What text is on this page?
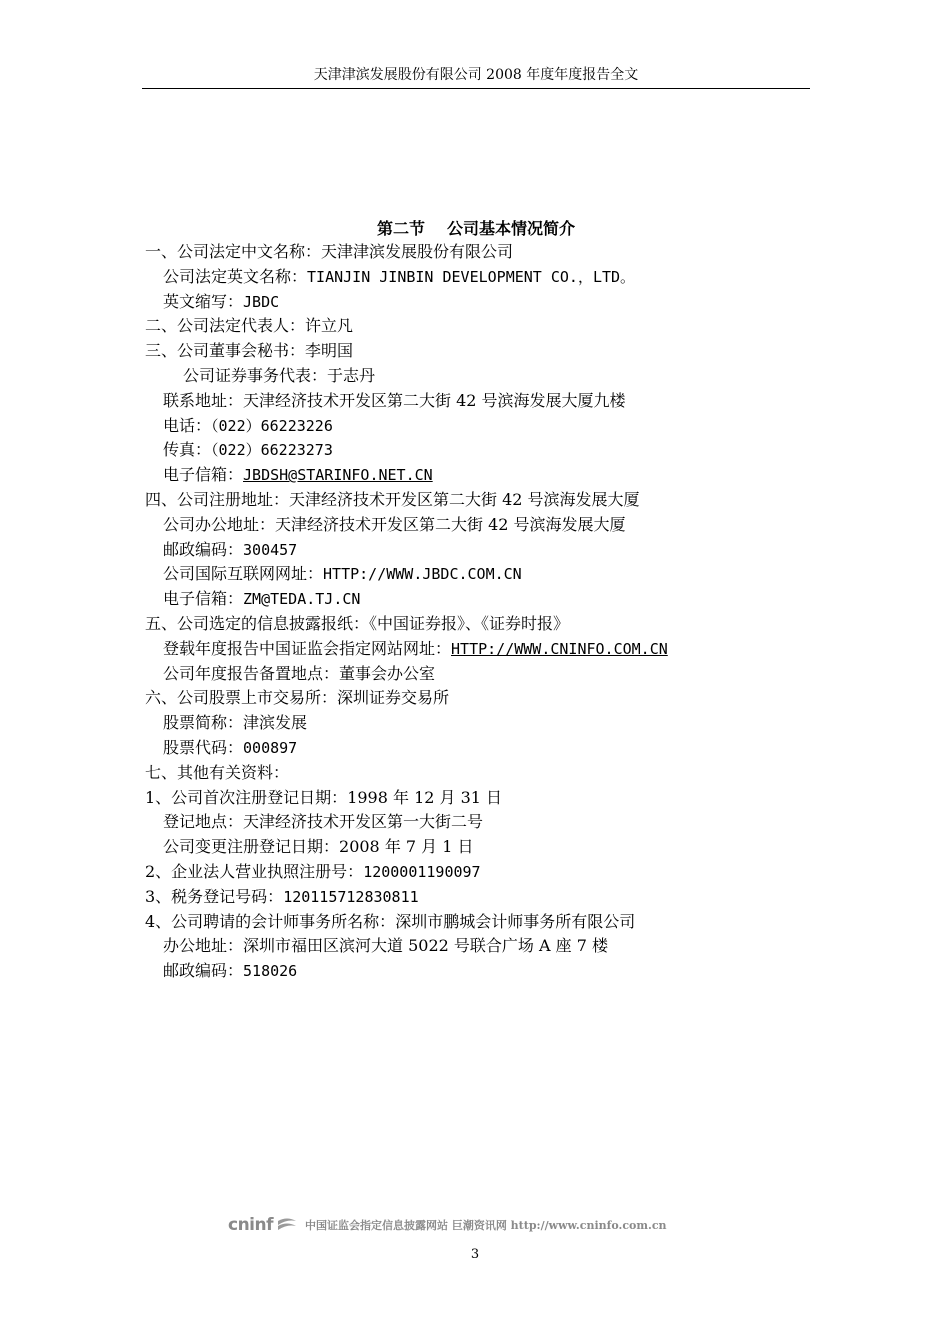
天津津滨发展股份有限公司 2008 年度年度报告全文
第二节 公司基本情况简介
一、公司法定中文名称：天津津滨发展股份有限公司
公司法定英文名称：TIANJIN JINBIN DEVELOPMENT CO.，LTD。
英文缩写：JBDC
二、公司法定代表人：许立凡
三、公司董事会秘书：李明国
公司证券事务代表：于志丹
联系地址：天津经济技术开发区第二大街 42 号滨海发展大厦九楼
电话：（022）66223226
传真：（022）66223273
电子信箱：JBDSH@STARINFO.NET.CN
四、公司注册地址：天津经济技术开发区第二大街 42 号滨海发展大厦
公司办公地址：天津经济技术开发区第二大街 42 号滨海发展大厦
邮政编码：300457
公司国际互联网网址：HTTP://WWW.JBDC.COM.CN
电子信箱：ZM@TEDA.TJ.CN
五、公司选定的信息披露报纸：《中国证券报》、《证券时报》
登载年度报告中国证监会指定网站网址：HTTP://WWW.CNINFO.COM.CN
公司年度报告备置地点：董事会办公室
六、公司股票上市交易所：深圳证券交易所
股票简称：津滨发展
股票代码：000897
七、其他有关资料：
1、公司首次注册登记日期：1998 年 12 月 31 日
登记地点：天津经济技术开发区第一大街二号
公司变更注册登记日期：2008 年 7 月 1 日
2、企业法人营业执照注册号：1200001190097
3、税务登记号码：120115712830811
4、公司聘请的会计师事务所名称：深圳市鹏城会计师事务所有限公司
办公地址：深圳市福田区滨河大道 5022 号联合广场 A 座 7 楼
邮政编码：518026
cninf	中国证监会指定信息披露网站 巨潮资讯网 http://www.cninfo.com.cn
3
